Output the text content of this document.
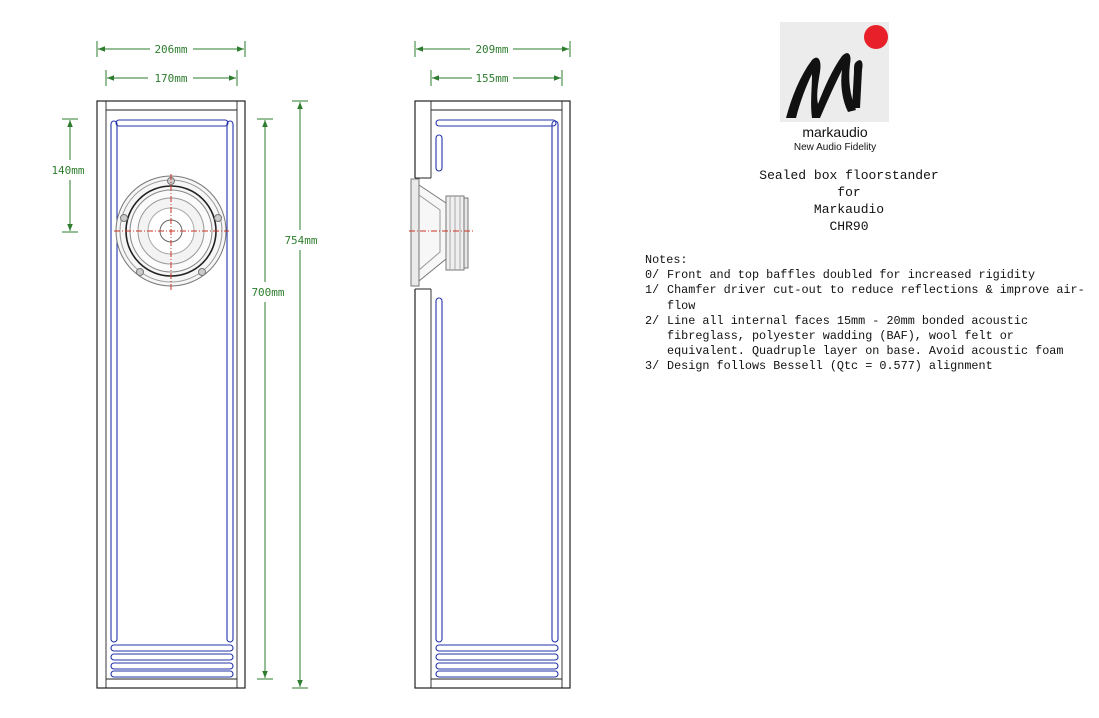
206mm
170mm
140mm
700mm
754mm
209mm
155mm
markaudio
New Audio Fidelity
Sealed box floorstander
for
Markaudio
CHR90
Notes:
0/ Front and top baffles doubled for increased rigidity
1/ Chamfer driver cut-out to reduce reflections & improve air-flow
2/ Line all internal faces 15mm - 20mm bonded acoustic fibreglass, polyester wadding (BAF), wool felt or equivalent. Quadruple layer on base. Avoid acoustic foam
3/ Design follows Bessell (Qtc = 0.577) alignment
